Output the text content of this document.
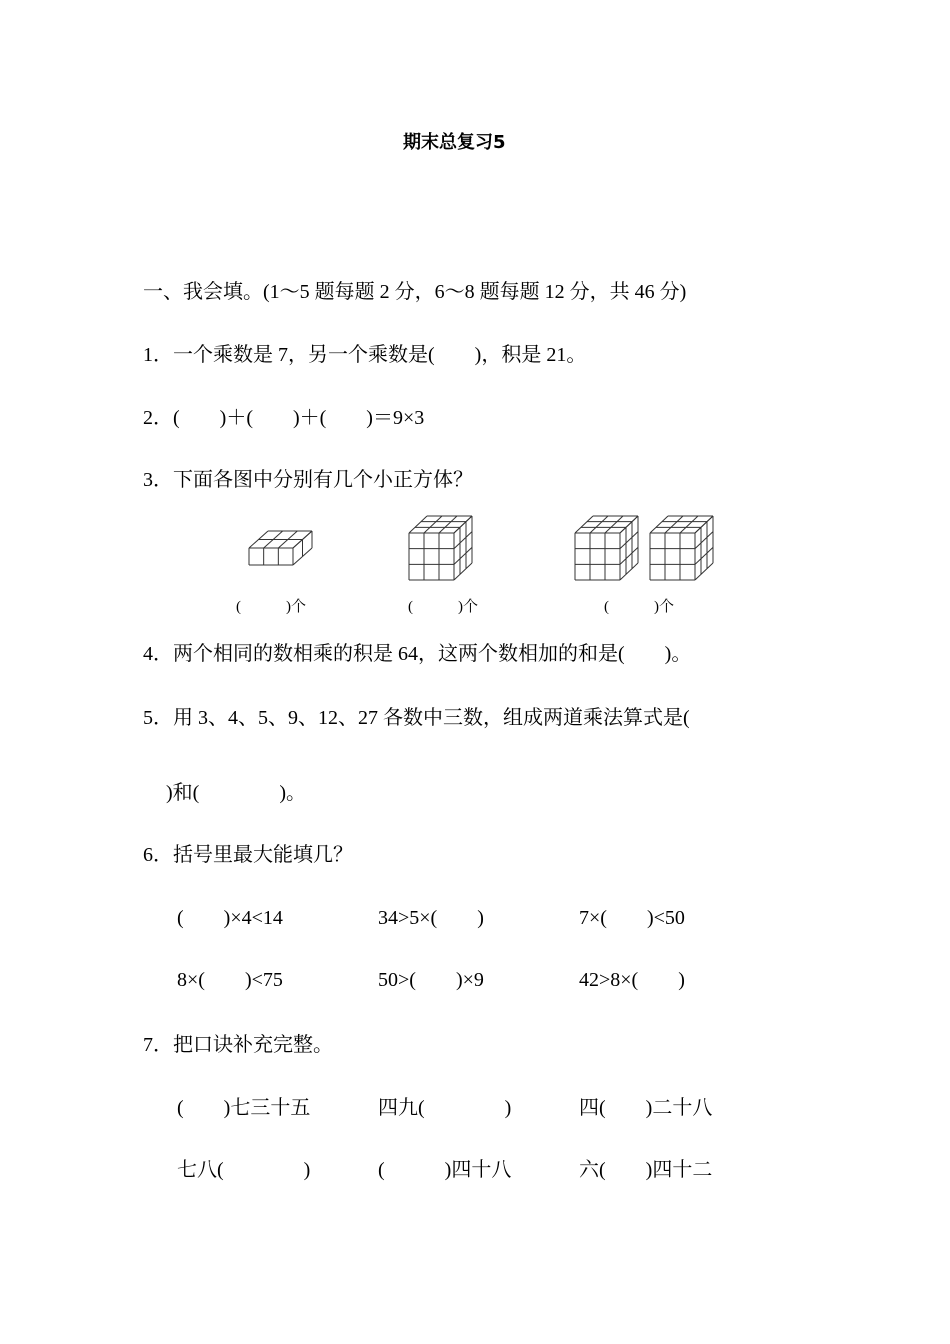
期末总复习5
一、我会填。(1～5 题每题 2 分，6～8 题每题 12 分，共 46 分)
1．一个乘数是 7，另一个乘数是(　　)，积是 21。
2．(　　)＋(　　)＋(　　)＝9×3
3．下面各图中分别有几个小正方体？
(　　　)个	(　　　)个	(　　　)个
4．两个相同的数相乘的积是 64，这两个数相加的和是(　　)。
5．用 3、4、5、9、12、27 各数中三数，组成两道乘法算式是(
)和(　　　　)。
6．括号里最大能填几？
(　　)×4<14	34>5×(　　)	7×(　　)<50
8×(　　)<75	50>(　　)×9	42>8×(　　)
7．把口诀补充完整。
(　　)七三十五	四九(　　　　)	四(　　)二十八
七八(　　　　)	(　　　)四十八	六(　　)四十二
